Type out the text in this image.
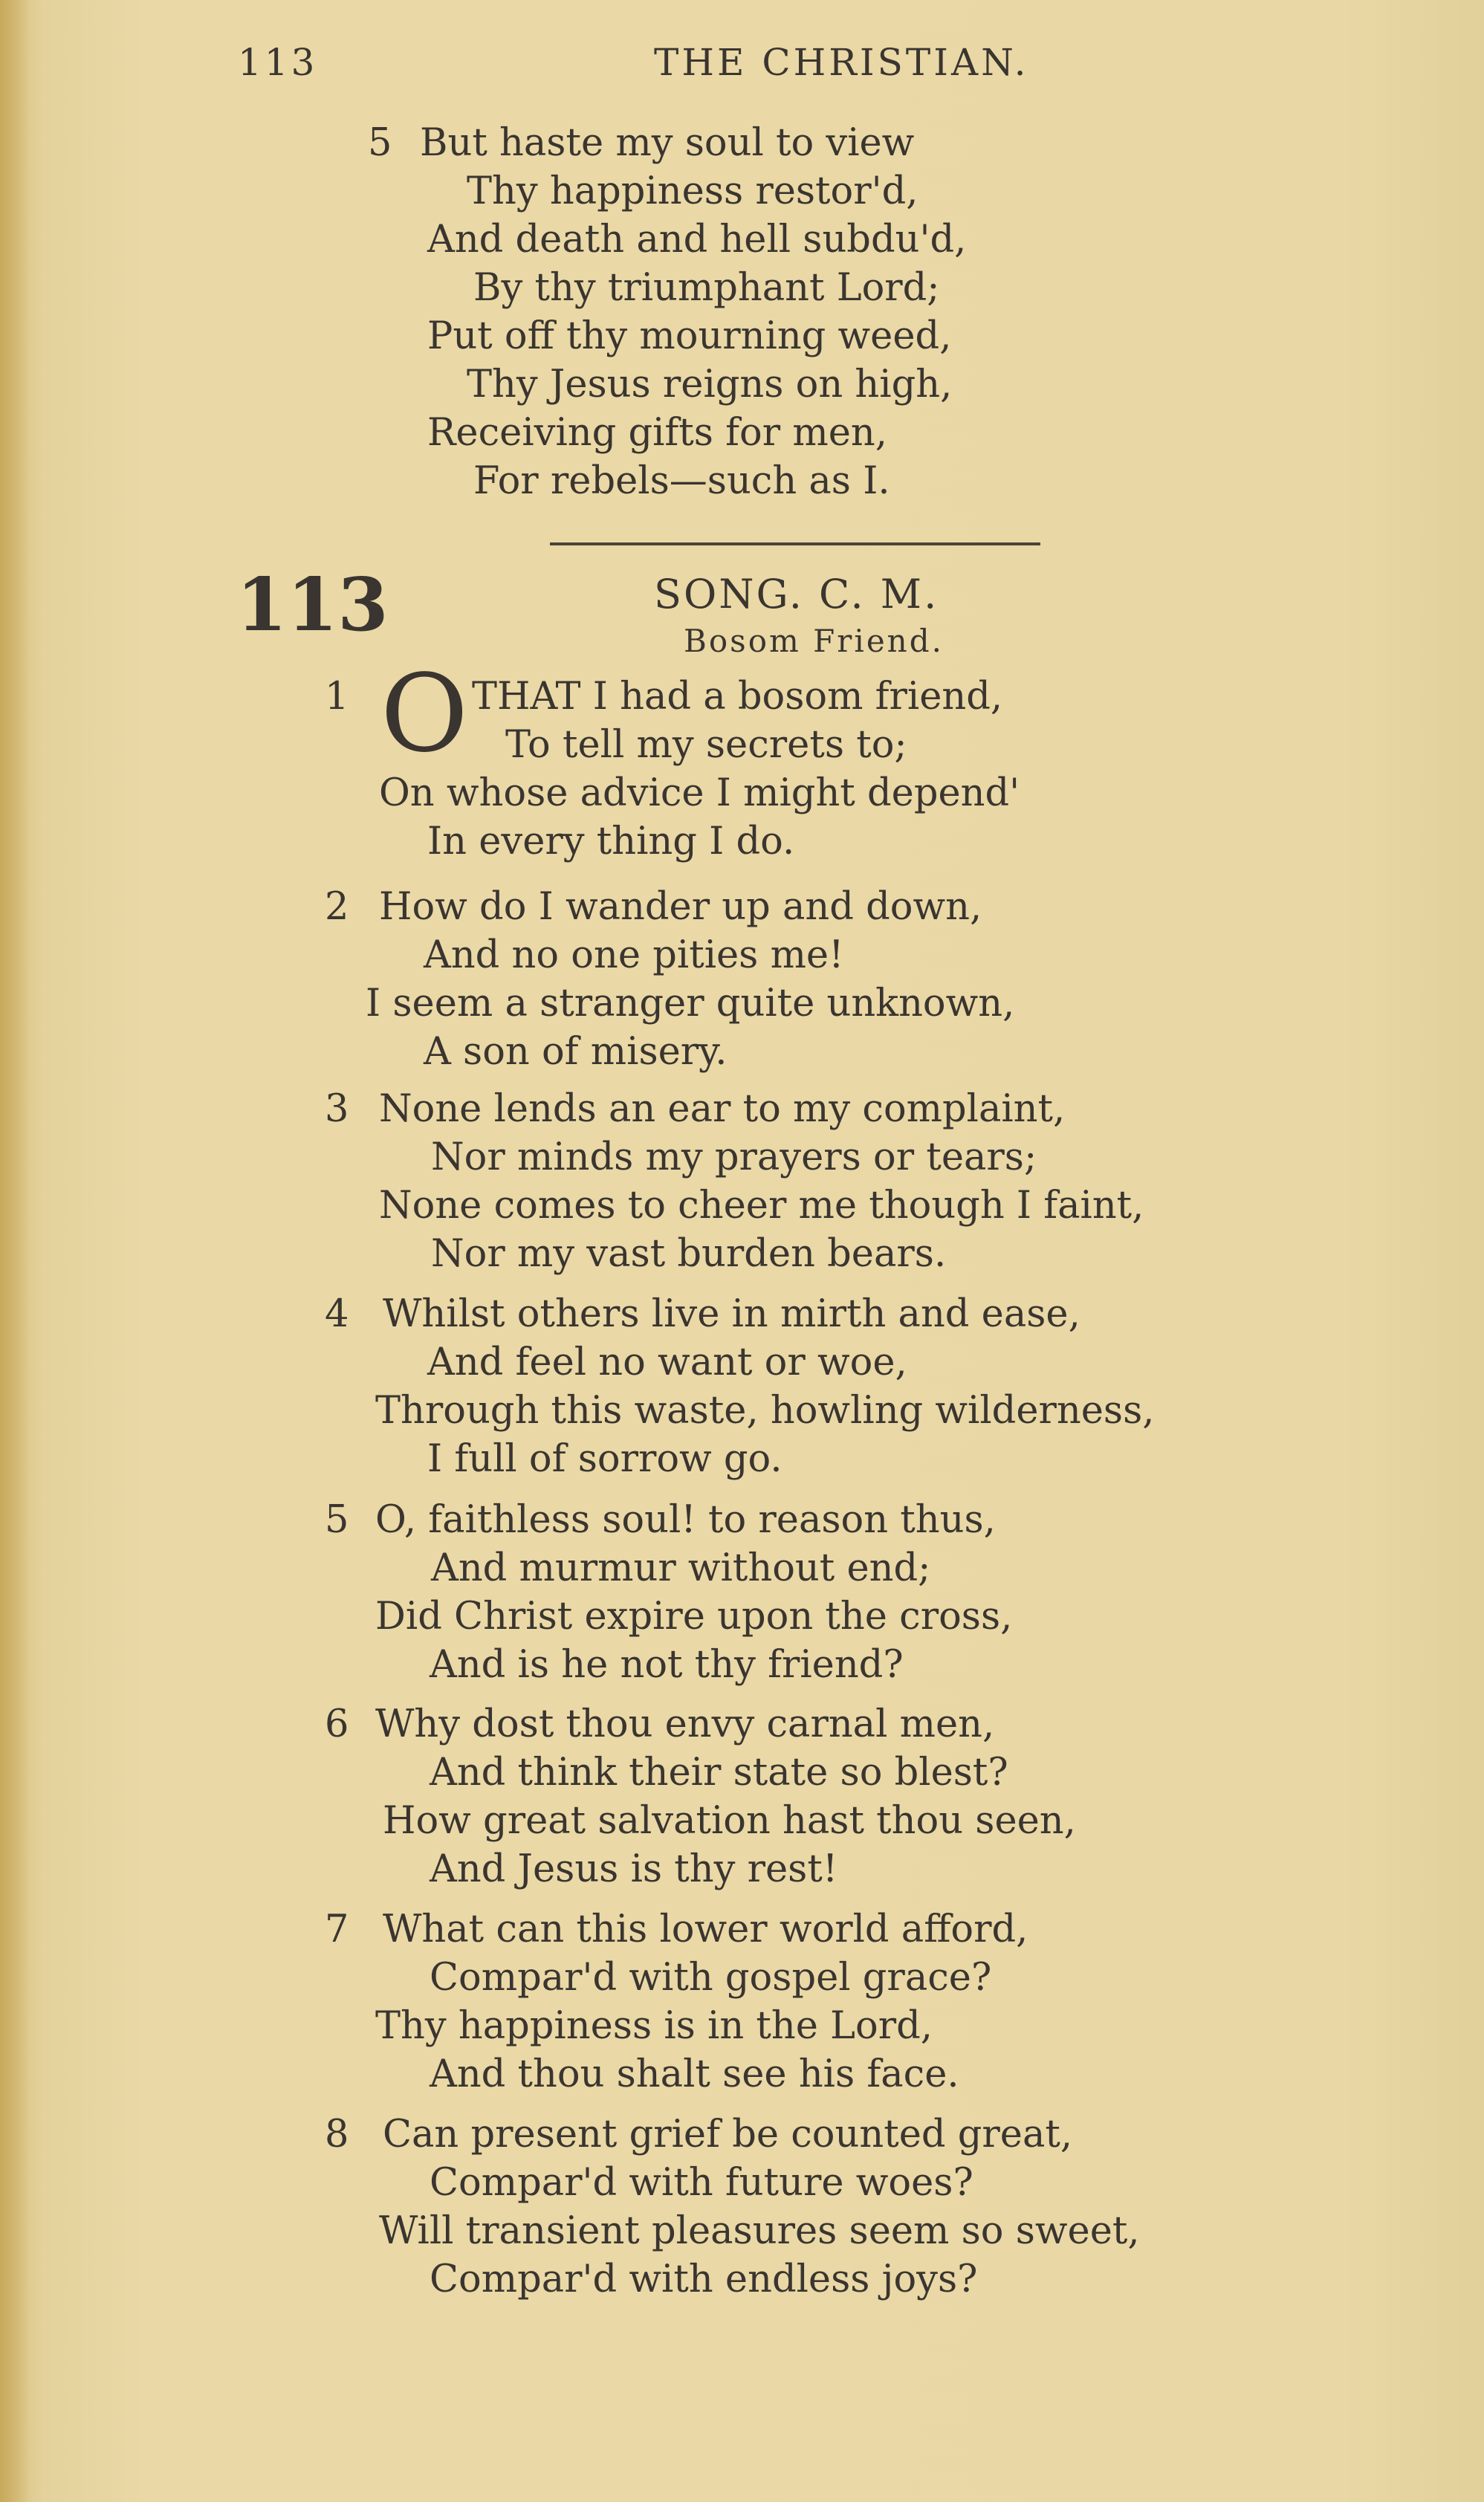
113	THE CHRISTIAN.
5 But haste my soul to view
Thy happiness restor'd,
And death and hell subdu'd,
By thy triumphant Lord;
Put off thy mourning weed,
Thy Jesus reigns on high,
Receiving gifts for men,
For rebels—such as I.
113	SONG. C. M.
Bosom Friend.
1 O THAT I had a bosom friend,
To tell my secrets to;
On whose advice I might depend'
In every thing I do.
2 How do I wander up and down,
And no one pities me!
I seem a stranger quite unknown,
A son of misery.
3 None lends an ear to my complaint,
Nor minds my prayers or tears;
None comes to cheer me though I faint,
Nor my vast burden bears.
4 Whilst others live in mirth and ease,
And feel no want or woe,
Through this waste, howling wilderness,
I full of sorrow go.
5 O, faithless soul! to reason thus,
And murmur without end;
Did Christ expire upon the cross,
And is he not thy friend?
6 Why dost thou envy carnal men,
And think their state so blest?
How great salvation hast thou seen,
And Jesus is thy rest!
7 What can this lower world afford,
Compar'd with gospel grace?
Thy happiness is in the Lord,
And thou shalt see his face.
8 Can present grief be counted great,
Compar'd with future woes?
Will transient pleasures seem so sweet,
Compar'd with endless joys?
